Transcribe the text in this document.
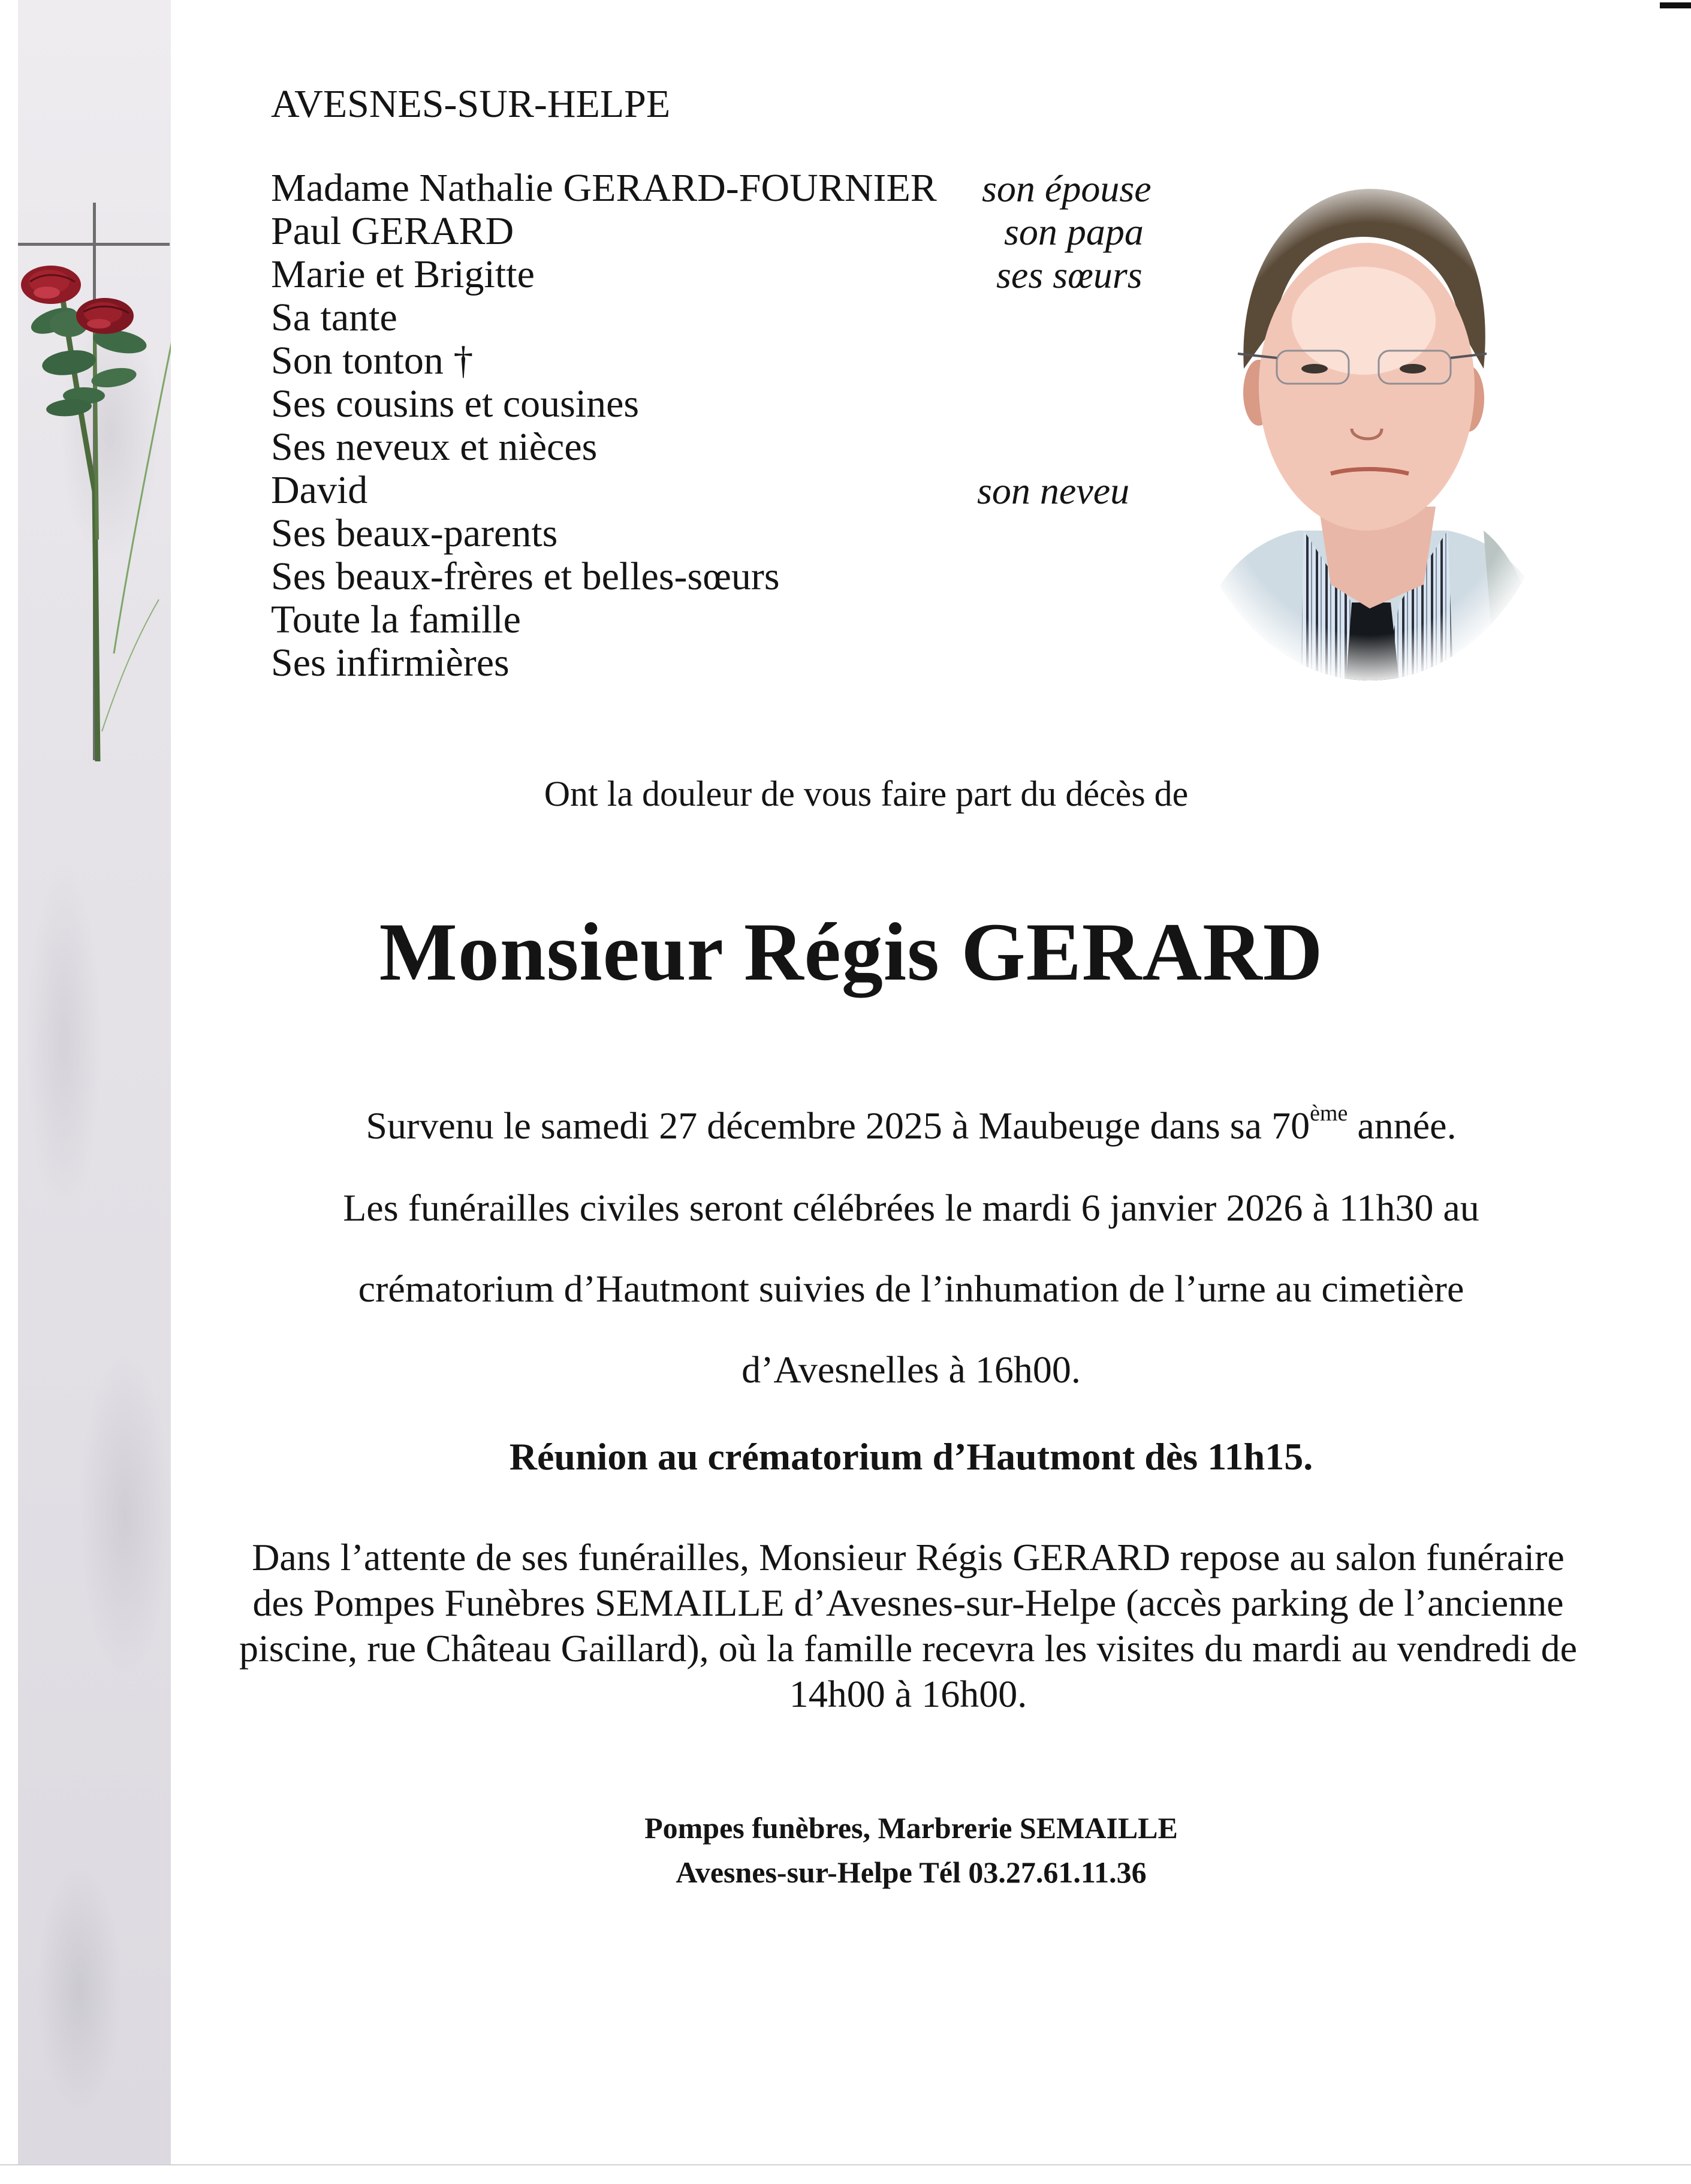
AVESNES-SUR-HELPE
Madame Nathalie GERARD-FOURNIER son épouse
Paul GERARD	son papa
Marie et Brigitte	ses sœurs
Sa tante
Son tonton †
Ses cousins et cousines
Ses neveux et nièces
David	son neveu
Ses beaux-parents
Ses beaux-frères et belles-sœurs
Toute la famille
Ses infirmières
Ont la douleur de vous faire part du décès de
Monsieur Régis GERARD
Survenu le samedi 27 décembre 2025 à Maubeuge dans sa 70ème année.
Les funérailles civiles seront célébrées le mardi 6 janvier 2026 à 11h30 au
crématorium d’Hautmont suivies de l’inhumation de l’urne au cimetière
d’Avesnelles à 16h00.
Réunion au crématorium d’Hautmont dès 11h15.
Dans l’attente de ses funérailles, Monsieur Régis GERARD repose au salon funéraire des Pompes Funèbres SEMAILLE d’Avesnes-sur-Helpe (accès parking de l’ancienne piscine, rue Château Gaillard), où la famille recevra les visites du mardi au vendredi de 14h00 à 16h00.
Pompes funèbres, Marbrerie SEMAILLE
Avesnes-sur-Helpe Tél 03.27.61.11.36
